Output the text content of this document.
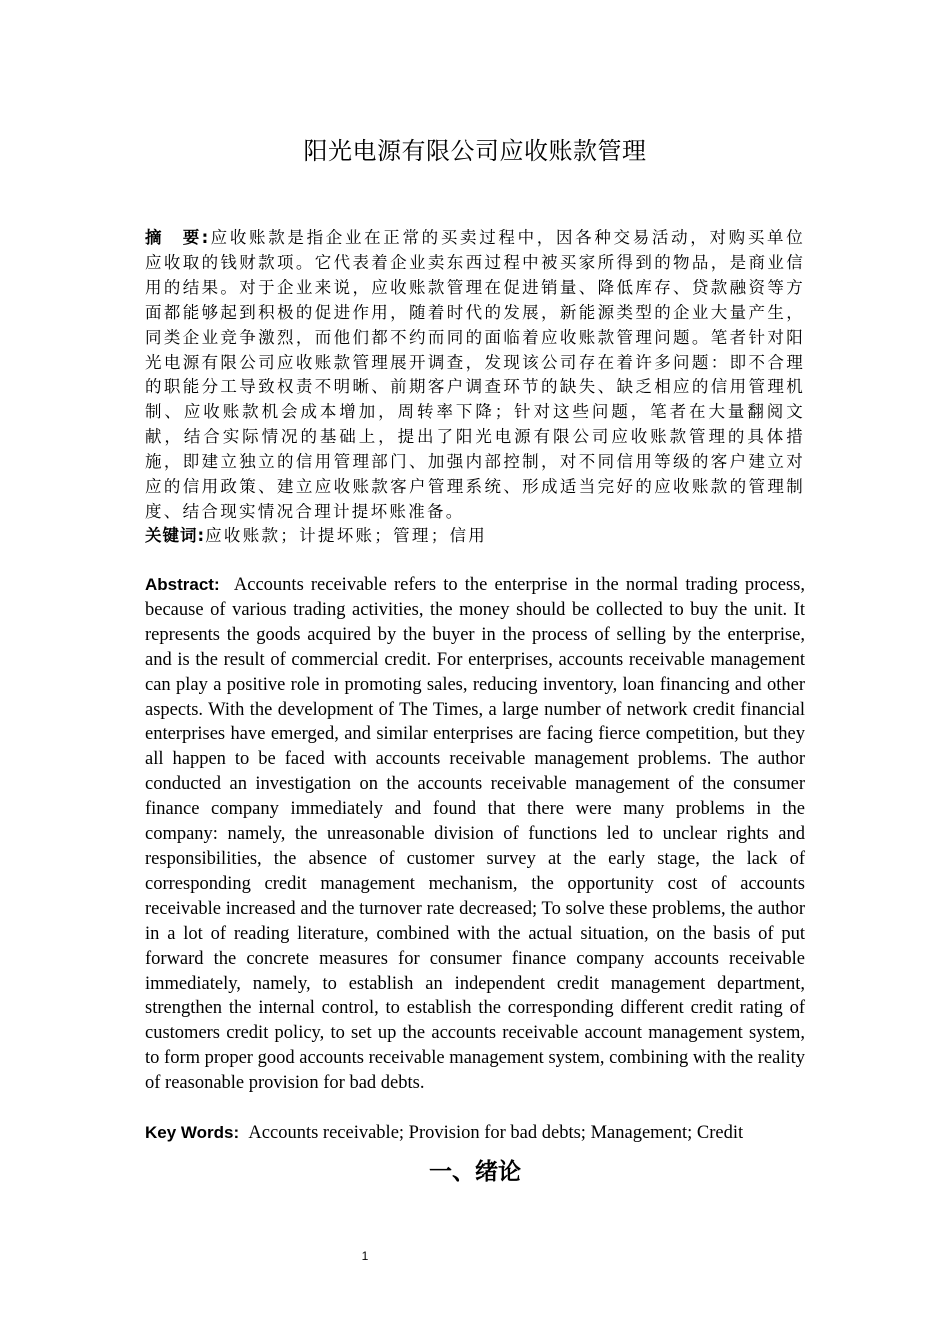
阳光电源有限公司应收账款管理

摘　要:应收账款是指企业在正常的买卖过程中，因各种交易活动，对购买单位应收取的钱财款项。它代表着企业卖东西过程中被买家所得到的物品，是商业信用的结果。对于企业来说，应收账款管理在促进销量、降低库存、贷款融资等方面都能够起到积极的促进作用，随着时代的发展，新能源类型的企业大量产生，同类企业竞争激烈，而他们都不约而同的面临着应收账款管理问题。笔者针对阳光电源有限公司应收账款管理展开调查，发现该公司存在着许多问题：即不合理的职能分工导致权责不明晰、前期客户调查环节的缺失、缺乏相应的信用管理机制、应收账款机会成本增加，周转率下降；针对这些问题，笔者在大量翻阅文献，结合实际情况的基础上，提出了阳光电源有限公司应收账款管理的具体措施，即建立独立的信用管理部门、加强内部控制，对不同信用等级的客户建立对应的信用政策、建立应收账款客户管理系统、形成适当完好的应收账款的管理制度、结合现实情况合理计提坏账准备。

关键词:应收账款；计提坏账；管理；信用

Abstract: Accounts receivable refers to the enterprise in the normal trading process, because of various trading activities, the money should be collected to buy the unit. It represents the goods acquired by the buyer in the process of selling by the enterprise, and is the result of commercial credit. For enterprises, accounts receivable management can play a positive role in promoting sales, reducing inventory, loan financing and other aspects. With the development of The Times, a large number of network credit financial enterprises have emerged, and similar enterprises are facing fierce competition, but they all happen to be faced with accounts receivable management problems. The author conducted an investigation on the accounts receivable management of the consumer finance company immediately and found that there were many problems in the company: namely, the unreasonable division of functions led to unclear rights and responsibilities, the absence of customer survey at the early stage, the lack of corresponding credit management mechanism, the opportunity cost of accounts receivable increased and the turnover rate decreased; To solve these problems, the author in a lot of reading literature, combined with the actual situation, on the basis of put forward the concrete measures for consumer finance company accounts receivable immediately, namely, to establish an independent credit management department, strengthen the internal control, to establish the corresponding different credit rating of customers credit policy, to set up the accounts receivable account management system, to form proper good accounts receivable management system, combining with the reality of reasonable provision for bad debts.

Key Words: Accounts receivable; Provision for bad debts; Management; Credit

一、绪论
1
